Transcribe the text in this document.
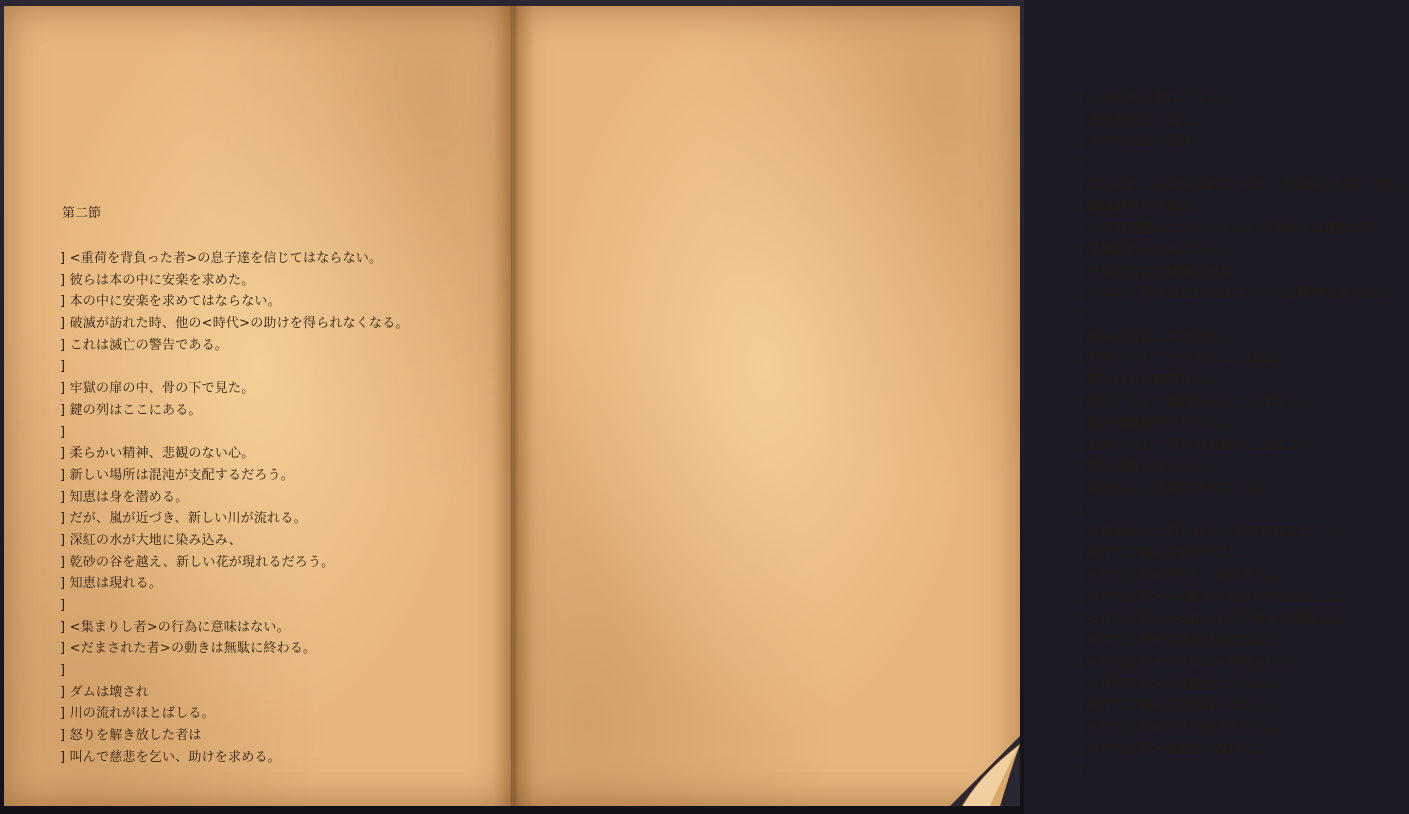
第二節
] <重荷を背負った者>の息子達を信じてはならない。
] 彼らは本の中に安楽を求めた。
] 本の中に安楽を求めてはならない。
] 破滅が訪れた時、他の<時代>の助けを得られなくなる。
] これは滅亡の警告である。
]
] 牢獄の扉の中、骨の下で見た。
] 鍵の列はここにある。
]
] 柔らかい精神、悲観のない心。
] 新しい場所は混沌が支配するだろう。
] 知恵は身を潜める。
] だが、嵐が近づき、新しい川が流れる。
] 深紅の水が大地に染み込み、
] 乾砂の谷を越え、新しい花が現れるだろう。
] 知恵は現れる。
]
] <集まりし者>の行為に意味はない。
] <だまされた者>の動きは無駄に終わる。
]
] ダムは壊され
] 川の流れがほとばしる。
] 怒りを解き放した者は
] 叫んで慈悲を乞い、助けを求める。
] しかし来る者はいない。
] 死が彼を洗い流し、
] すべてを洗い流す。
]
] 闇は<正しい者>を謙虚に<悪しき者>を大胆にする。
] 闇は最後に訪れる。
] 上の道を進みなさい。上にいる者は下に進むだろう。
] 見験の路を求めなさい。
] 世界の会合は破滅と祝福。
] ドニの王国は岩と石ではなく、心と精神で造られる。
]
] 彼らは火花に歓喜する。
] だが、決して火を見ることはない。
] 彼らは星に歓喜する。
] だが、決して太陽を見ることはない。
] 彼らは魔術師を称える。
] だが、決して真の力を知ることはない。
] 彼らは嘘つきに従う。
] 何故なら、真実は待てないから。
]
] 大樹が枯れた時、新しい者が訪れるだろう。
] <育てる者>が死を学びに。
] <育てる者>が新しい命を見に。
] <育てる者>が<集まった者>をもたらしに。
] <育てる者>が<最も小さい者>を回復しに。
] <育てる者>が時を越えて旅しに。
] <育てる者>が自由に<報復>しに。
] <育てる者>が見験をたどりに。
] <育てる者>が闇を追い払いに。
] <育てる者>が枝を接ぎ木しに。
] <育てる者>が道をつなげに。
]
